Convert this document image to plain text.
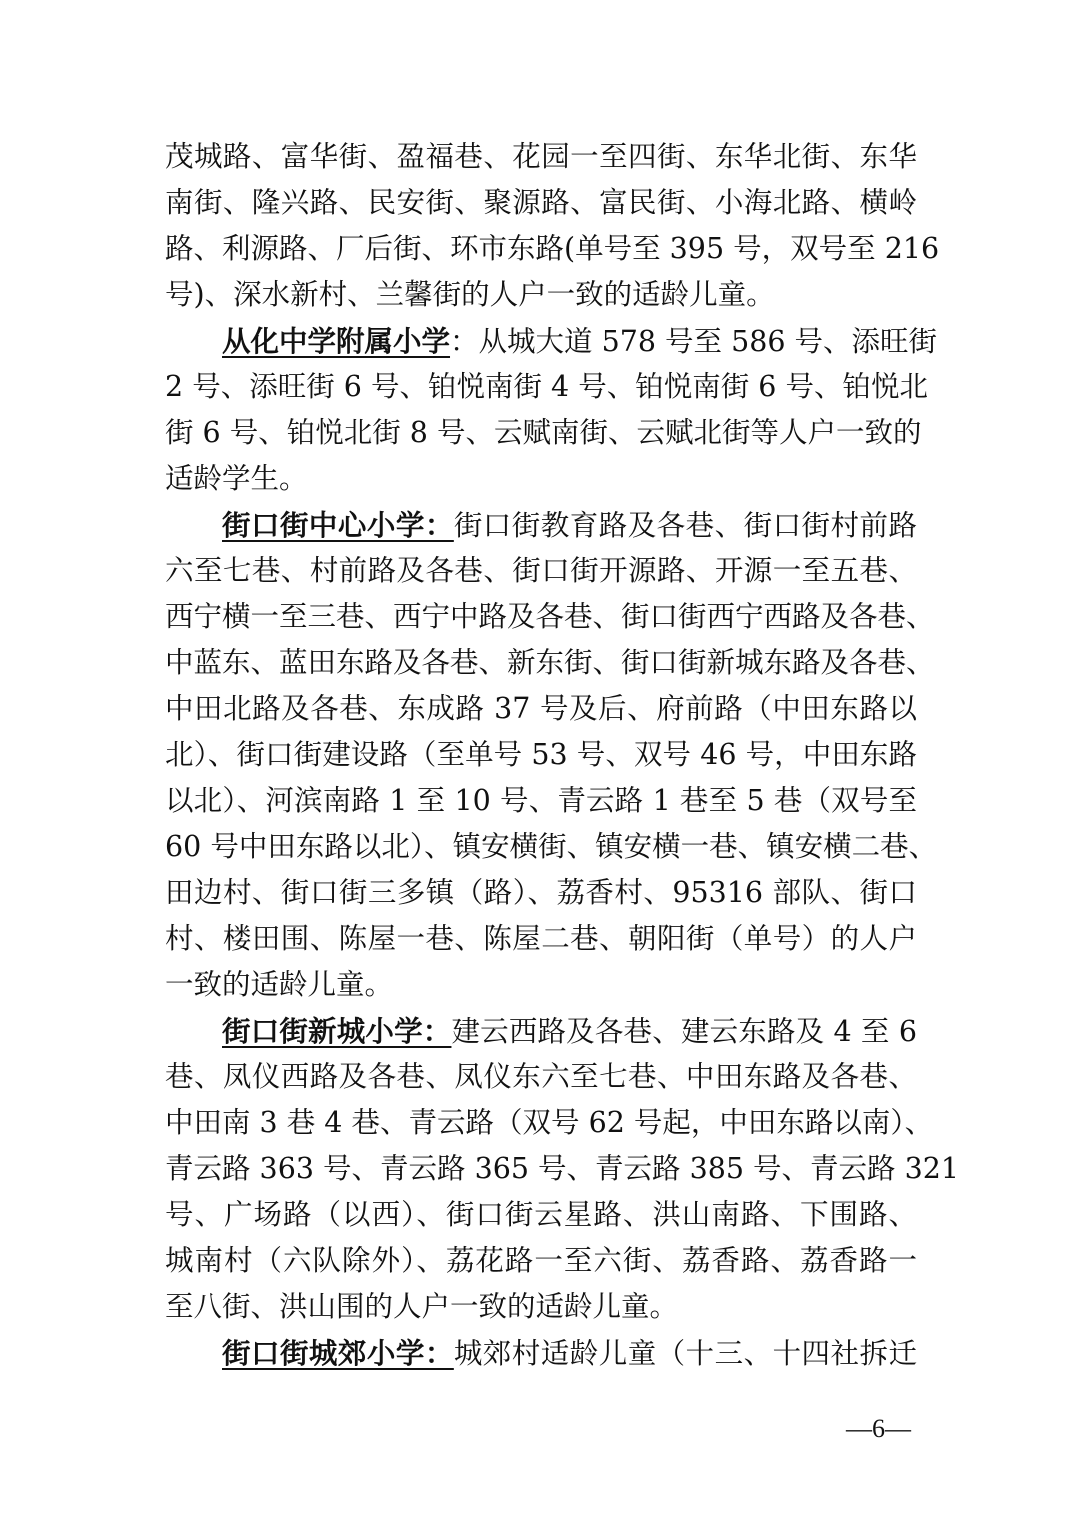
茂城路、富华街、盈福巷、花园一至四街、东华北街、东华
南街、隆兴路、民安街、聚源路、富民街、小海北路、横岭
路、利源路、厂后街、环市东路(单号至 395 号，双号至 216
号)、深水新村、兰馨街的人户一致的适龄儿童。
从化中学附属小学：从城大道 578 号至 586 号、添旺街
2 号、添旺街 6 号、铂悦南街 4 号、铂悦南街 6 号、铂悦北
街 6 号、铂悦北街 8 号、云赋南街、云赋北街等人户一致的
适龄学生。
街口街中心小学：街口街教育路及各巷、街口街村前路
六至七巷、村前路及各巷、街口街开源路、开源一至五巷、
西宁横一至三巷、西宁中路及各巷、街口街西宁西路及各巷、
中蓝东、蓝田东路及各巷、新东街、街口街新城东路及各巷、
中田北路及各巷、东成路 37 号及后、府前路（中田东路以
北）、街口街建设路（至单号 53 号、双号 46 号，中田东路
以北）、河滨南路 1 至 10 号、青云路 1 巷至 5 巷（双号至
60 号中田东路以北）、镇安横街、镇安横一巷、镇安横二巷、
田边村、街口街三多镇（路）、荔香村、95316 部队、街口
村、楼田围、陈屋一巷、陈屋二巷、朝阳街（单号）的人户
一致的适龄儿童。
街口街新城小学：建云西路及各巷、建云东路及 4 至 6
巷、凤仪西路及各巷、凤仪东六至七巷、中田东路及各巷、
中田南 3 巷 4 巷、青云路（双号 62 号起，中田东路以南）、
青云路 363 号、青云路 365 号、青云路 385 号、青云路 321
号、广场路（以西）、街口街云星路、洪山南路、下围路、
城南村（六队除外）、荔花路一至六街、荔香路、荔香路一
至八街、洪山围的人户一致的适龄儿童。
街口街城郊小学：城郊村适龄儿童（十三、十四社拆迁
—6—
